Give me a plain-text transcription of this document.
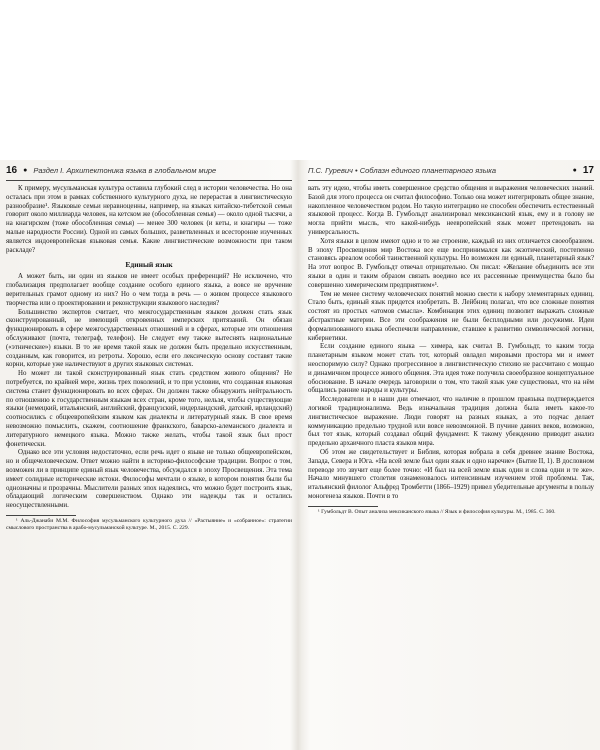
16 ● Раздел I. Архитектоника языка в глобальном мире

К примеру, мусульманская культура оставила глубокий след в истории человечества. Но она осталась при этом в рамках собственного культурного духа, не перерастая в лингвистическую разнообразие¹. Языковые семьи неравноценны, например, на языках китайско-тибетской семьи говорит около миллиарда человек, на кетском же (обособленная семья) — около одной тысячи, а на кнагирском (тоже обособленная семья) — менее 300 человек (и кеты, и кнагиры — тоже малые народности России). Одной из самых больших, разветвленных и всесторонне изученных является индоевропейская языковая семья. Какие лингвистические возможности при таком раскладе?

Единый язык

А может быть, ни один из языков не имеет особых преференций? Не исключено, что глобализация предполагает вообще создание особого единого языка, а вовсе не вручение верительных грамот одному из них? Но о чем тогда в речь — о живом процессе языкового творчества или о проектировании и реконструкции языкового наследия?

Большинство экспертов считает, что межгосударственным языком должен стать язык сконструированный, не имеющий откровенных имперских притязаний. Он обязан функционировать в сфере межгосударственных отношений и в сферах, которые эти отношения обслуживают (почта, телеграф, телефон). Не следует ему также вытеснять национальные («этнические») языки. В то же время такой язык не должен быть предельно искусственным, созданным, как говорится, из ретроты. Хорошо, если его лексическую основу составят такие корни, которые уже наличествуют в других языковых системах.

Но может ли такой сконструированный язык стать средством живого общения? Не потребуется, по крайней мере, жизнь трех поколений, и то при условии, что созданная языковая система станет функционировать во всех сферах. Он должен также обнаружить нейтральность по отношению к государственным языкам всех стран, кроме того, нельзя, чтобы существующие языки (немецкий, итальянский, английский, французский, нидерландский, датский, ирландский) соотносились с общеевропейским языком как диалекты и литературный язык. В свое время невозможно помыслить, скажем, соотношение франкского, баварско-алеманского диалекта и литературного немецкого языка. Можно также желать, чтобы такой язык был прост фонетически.

Однако все эти условия недостаточно, если речь идет о языке не только общеевропейском, но и общечеловеческом. Ответ можно найти в историко-философские традиции. Вопрос о том, возможен ли в принципе единый язык человечества, обсуждался в эпоху Просвещения. Эта тема имеет солидные исторические истоки. Философы мечтали о языке, в котором понятия были бы однозначны и прозрачны. Мыслители разных эпох надеялись, что можно будет построить язык, обладающий логическим совершенством. Однако эти надежды так и остались неосуществленными.

¹ Аль-Джанаби М.М. Философия мусульманского культурного духа // «Растыяние» и «собранное»: стратегии смыслового пространства в арабо-мусульманской культуре. М., 2015. С. 229.

П.С. Гуревич • Соблазн единого планетарного языка	● 17

вать эту идею, чтобы иметь совершенное средство общения и выражения человеческих знаний. Базой для этого процесса он считал философию. Только она может интегрировать общее знание, накопленное человечеством родом. Но такую интеграцию не способен обеспечить естественный языковой процесс. Когда В. Гумбольдт анализировал мексиканский язык, ему и в голову не могла прийти мысль, что какой-нибудь неевропейский язык может претендовать на универсальность.

Хотя языки в целом имеют одно и то же строение, каждый из них отличается своеобразием. В эпоху Просвещения мир Востока все еще воспринимался как экзотический, постепенно становясь ареалом особой таинственной культуры. Но возможен ли единый, планетарный язык? На этот вопрос В. Гумбольдт отвечал отрицательно. Он писал: «Желание объединить все эти языки в один и таким образом связать воедино все их рассеянные преимущества было бы совершенно химерическим предприятием»¹.

Тем не менее систему человеческих понятий можно свести к набору элементарных единиц. Стало быть, единый язык придется изобретать. В. Лейбниц полагал, что все сложные понятия состоят из простых «атомов смысла». Комбинация этих единиц позволит выражать сложные абстрактные материи. Все эти соображения не были бесплодными или досужими. Идеи формализованного языка обеспечили направление, ставшее к развитию символической логики, кибернетики.

Если создание единого языка — химера, как считал В. Гумбольдт, то каким тогда планетарным языком может стать тот, который овладел мировыми простора ми и имеет неоспоримую силу? Однако прогрессивное в лингвистическую стихию не рассчитано с мощью и динамичном процессе живого общения. Эта идея тоже получила своеобразное концептуальное обоснование. В начале очередь заговорили о том, что такой язык уже существовал, что на нём общались ранние народы и культуры.

Исследователи и в наши дни отмечают, что наличие в прошлом праязыка подтверждается логикой традиционализма. Ведь изначальная традиция должна была иметь какое-то лингвистическое выражение. Люди говорят на разных языках, а это подчас делает коммуникацию предельно трудной или вовсе невозможной. В пучине давних веков, возможно, был тот язык, который создавал общий фундамент. К такому убеждению приводит анализ предельно архаичного пласта языков мира.

Об этом же свидетельствует и Библия, которая вобрала в себя древнее знание Востока, Запада, Севера и Юга. «На всей земле был один язык и одно наречие» (Бытие II, 1). В дословном переводе это звучит еще более точно: «И был на всей земле язык один и слова одни и те же». Начало минувшего столетия ознаменовалось интенсивным изучением этой проблемы. Так, итальянский филолог Альфред Тромбетти (1866–1929) привел убедительные аргументы в пользу моногенеза языков. Почти в то

¹ Гумбольдт В. Опыт анализа мексиканского языка // Язык и философия культуры. М., 1985. С. 360.
